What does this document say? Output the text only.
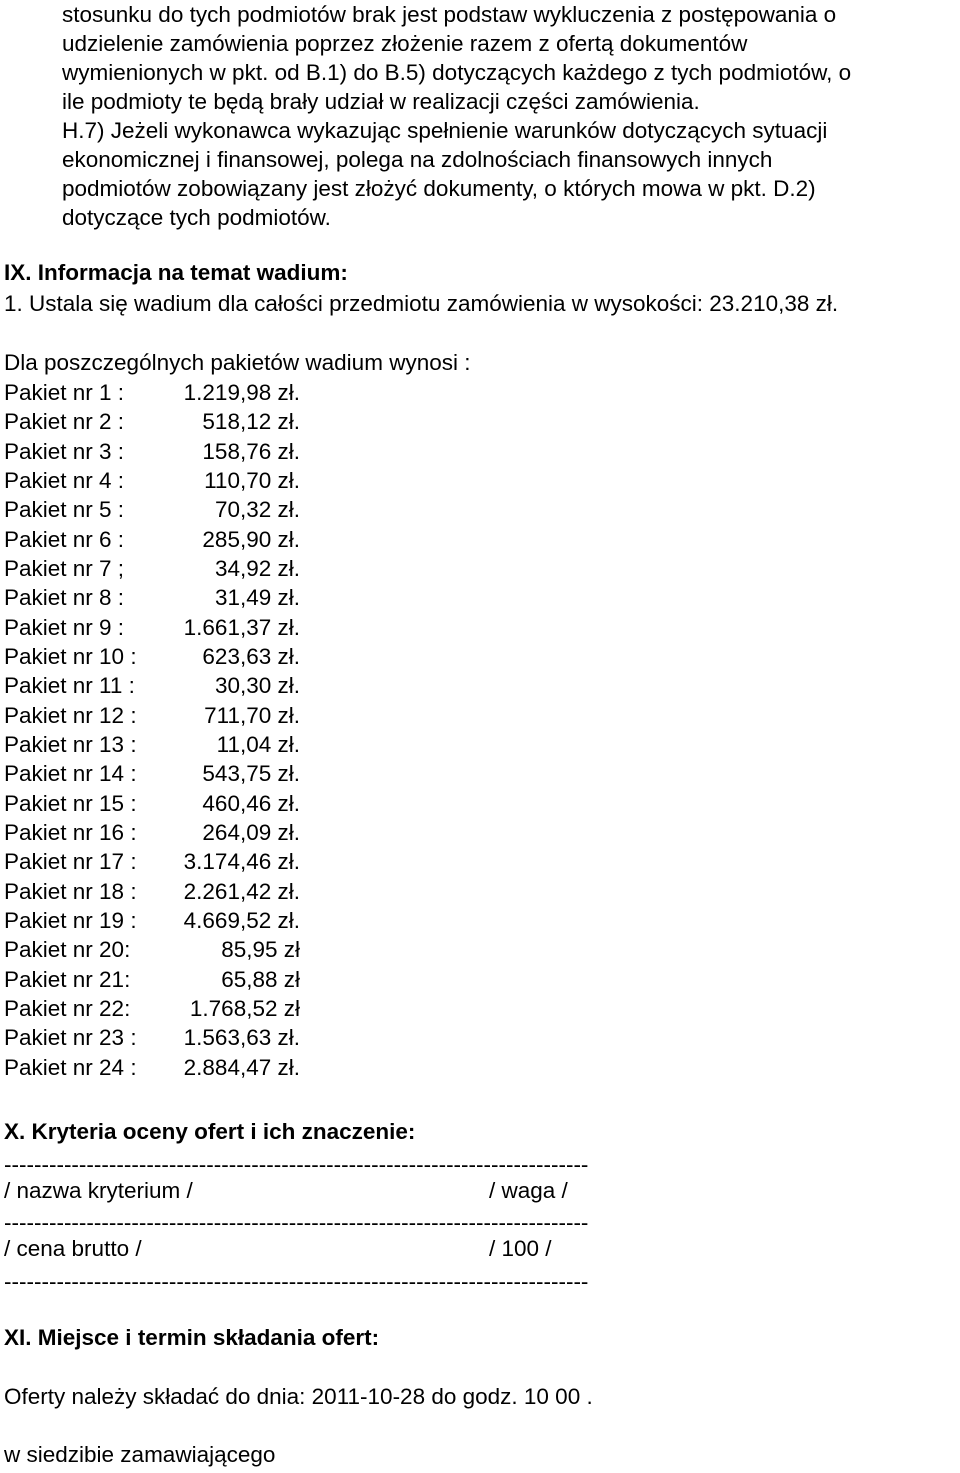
stosunku do tych podmiotów brak jest podstaw wykluczenia z postępowania o
udzielenie zamówienia poprzez złożenie razem z ofertą dokumentów
wymienionych w pkt. od B.1) do B.5) dotyczących każdego z tych podmiotów, o
ile podmioty te będą brały udział w realizacji części zamówienia.
H.7) Jeżeli wykonawca wykazując spełnienie warunków dotyczących sytuacji
ekonomicznej i finansowej, polega na zdolnościach finansowych innych
podmiotów zobowiązany jest złożyć dokumenty, o których mowa w pkt. D.2)
dotyczące tych podmiotów.
IX. Informacja na temat wadium:
1. Ustala się wadium dla całości przedmiotu zamówienia w wysokości: 23.210,38 zł.
Dla poszczególnych pakietów wadium wynosi :
Pakiet nr 1 :	1.219,98 zł.
Pakiet nr 2 :	518,12 zł.
Pakiet nr 3 :	158,76 zł.
Pakiet nr 4 :	110,70 zł.
Pakiet nr 5 :	70,32 zł.
Pakiet nr 6 :	285,90 zł.
Pakiet nr 7 ;	34,92 zł.
Pakiet nr 8 :	31,49 zł.
Pakiet nr 9 :	1.661,37 zł.
Pakiet nr 10 :	623,63 zł.
Pakiet nr 11 :	30,30 zł.
Pakiet nr 12 :	711,70 zł.
Pakiet nr 13 :	11,04 zł.
Pakiet nr 14 :	543,75 zł.
Pakiet nr 15 :	460,46 zł.
Pakiet nr 16 :	264,09 zł.
Pakiet nr 17 : 3.174,46 zł.
Pakiet nr 18 : 2.261,42 zł.
Pakiet nr 19 : 4.669,52 zł.
Pakiet nr 20:	85,95 zł
Pakiet nr 21:	65,88 zł
Pakiet nr 22:	1.768,52 zł
Pakiet nr 23 : 1.563,63 zł.
Pakiet nr 24 : 2.884,47 zł.
X. Kryteria oceny ofert i ich znaczenie:
------------------------------------------------------------------------------
/ nazwa kryterium /	/ waga /
------------------------------------------------------------------------------
/ cena brutto /	/ 100 /
------------------------------------------------------------------------------
XI. Miejsce i termin składania ofert:
Oferty należy składać do dnia: 2011-10-28 do godz. 10 00 .
w siedzibie zamawiającego
